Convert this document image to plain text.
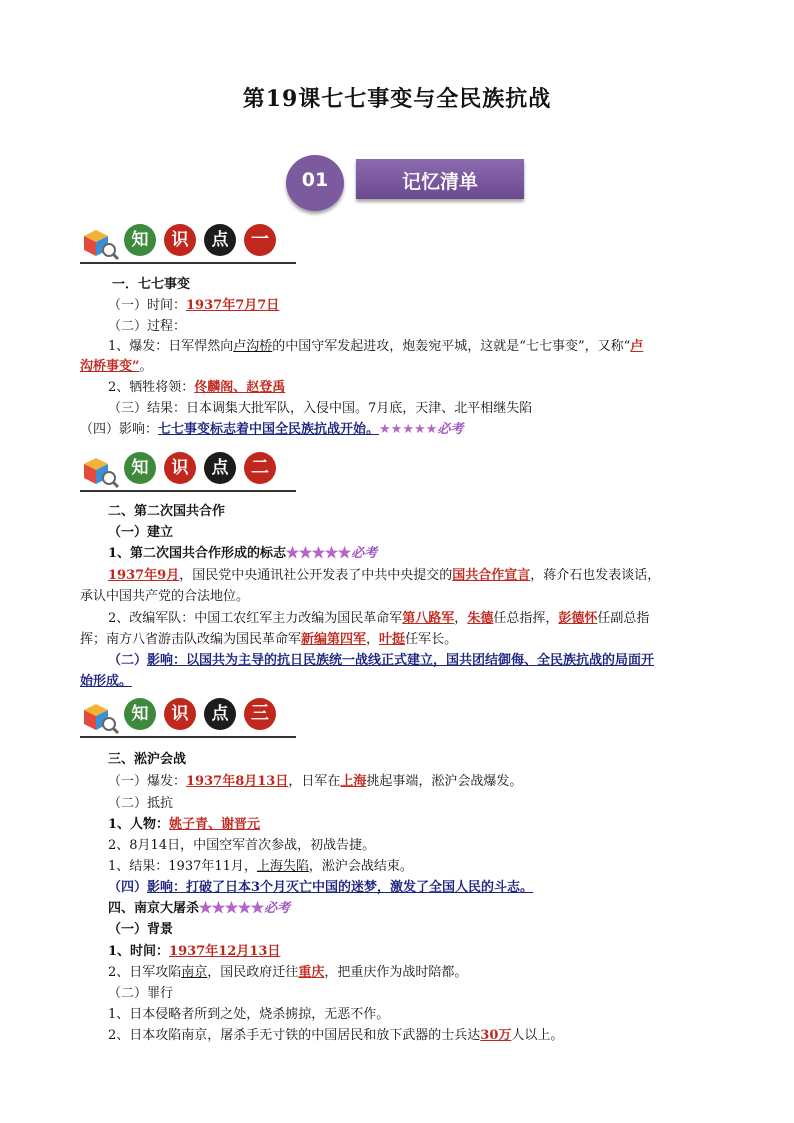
第19课七七事变与全民族抗战
01	记忆清单
知	识	点	一
一．七七事变
（一）时间：1937年7月7日
（二）过程：
1、爆发：日军悍然向卢沟桥的中国守军发起进攻，炮轰宛平城，这就是“七七事变”，又称“卢
沟桥事变”。
2、牺牲将领：佟麟阁、赵登禹
（三）结果：日本调集大批军队，入侵中国。7月底，天津、北平相继失陷
（四）影响：七七事变标志着中国全民族抗战开始。★★★★★必考
知	识	点	二
二、第二次国共合作
（一）建立
1、第二次国共合作形成的标志★★★★★必考
1937年9月，国民党中央通讯社公开发表了中共中央提交的国共合作宣言，蒋介石也发表谈话，
承认中国共产党的合法地位。
2、改编军队：中国工农红军主力改编为国民革命军第八路军，朱德任总指挥，彭德怀任副总指
挥；南方八省游击队改编为国民革命军新编第四军，叶挺任军长。
（二）影响：以国共为主导的抗日民族统一战线正式建立，国共团结御侮、全民族抗战的局面开
始形成。
知	识	点	三
三、淞沪会战
（一）爆发：1937年8月13日，日军在上海挑起事端，淞沪会战爆发。
（二）抵抗
1、人物：姚子青、谢晋元
2、8月14日，中国空军首次参战，初战告捷。
1、结果：1937年11月，上海失陷，淞沪会战结束。
（四）影响：打破了日本3个月灭亡中国的迷梦，激发了全国人民的斗志。
四、南京大屠杀★★★★★必考
（一）背景
1、时间：1937年12月13日
2、日军攻陷南京，国民政府迁往重庆，把重庆作为战时陪都。
（二）罪行
1、日本侵略者所到之处，烧杀掳掠，无恶不作。
2、日本攻陷南京，屠杀手无寸铁的中国居民和放下武器的士兵达30万人以上。
